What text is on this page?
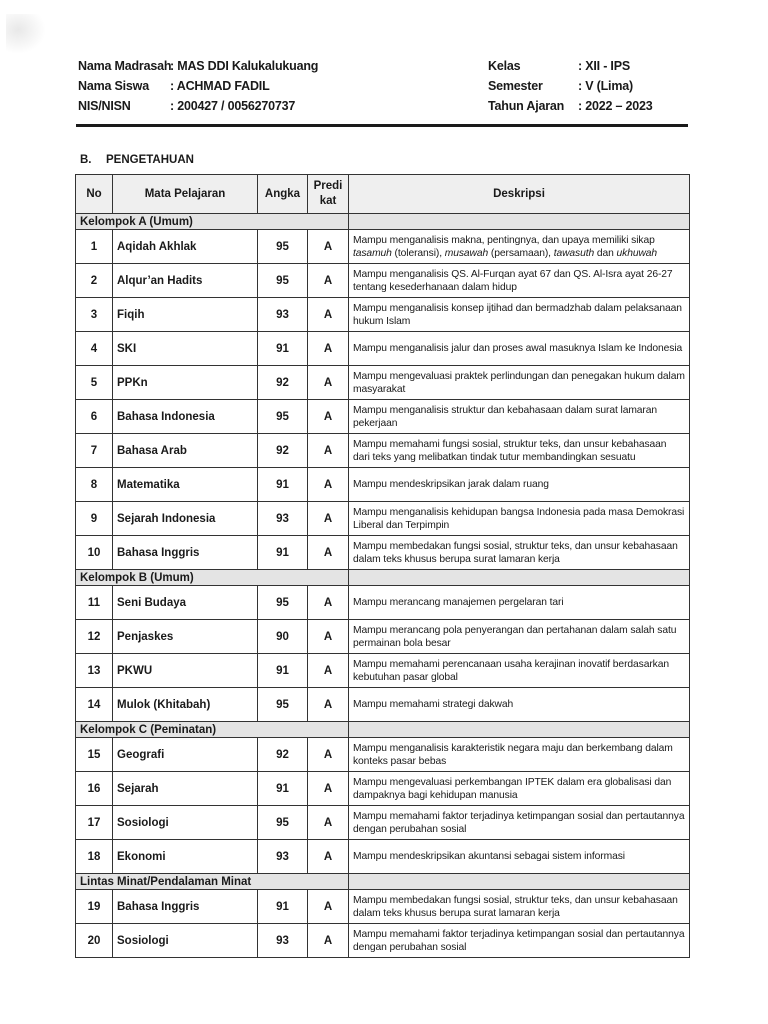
Nama Madrasah
: MAS DDI Kalukalukuang
Nama Siswa	: ACHMAD FADIL
NIS/NISN	: 200427 / 0056270737
Kelas	: XII - IPS
Semester	: V (Lima)
Tahun Ajaran	: 2022 – 2023
B. PENGETAHUAN
No	Mata Pelajaran	Angka	Predi
kat	Deskripsi
Kelompok A (Umum)				
1	Aqidah Akhlak	95	A	Mampu menganalisis makna, pentingnya, dan upaya memiliki sikap tasamuh (toleransi), musawah (persamaan), tawasuth dan ukhuwah
2	Alqur’an Hadits	95	A	Mampu menganalisis QS. Al-Furqan ayat 67 dan QS. Al-Isra ayat 26-27 tentang kesederhanaan dalam hidup
3	Fiqih	93	A	Mampu menganalisis konsep ijtihad dan bermadzhab dalam pelaksanaan hukum Islam
4	SKI	91	A	Mampu menganalisis jalur dan proses awal masuknya Islam ke Indonesia
5	PPKn	92	A	Mampu mengevaluasi praktek perlindungan dan penegakan hukum dalam masyarakat
6	Bahasa Indonesia	95	A	Mampu menganalisis struktur dan kebahasaan dalam surat lamaran pekerjaan
7	Bahasa Arab	92	A	Mampu memahami fungsi sosial, struktur teks, dan unsur kebahasaan dari teks yang melibatkan tindak tutur membandingkan sesuatu
8	Matematika	91	A	Mampu mendeskripsikan jarak dalam ruang
9	Sejarah Indonesia	93	A	Mampu menganalisis kehidupan bangsa Indonesia pada masa Demokrasi Liberal dan Terpimpin
10	Bahasa Inggris	91	A	Mampu membedakan fungsi sosial, struktur teks, dan unsur kebahasaan dalam teks khusus berupa surat lamaran kerja
Kelompok B (Umum)				
11	Seni Budaya	95	A	Mampu merancang manajemen pergelaran tari
12	Penjaskes	90	A	Mampu merancang pola penyerangan dan pertahanan dalam salah satu permainan bola besar
13	PKWU	91	A	Mampu memahami perencanaan usaha kerajinan inovatif berdasarkan kebutuhan pasar global
14	Mulok (Khitabah)	95	A	Mampu memahami strategi dakwah
Kelompok C (Peminatan)				
15	Geografi	92	A	Mampu menganalisis karakteristik negara maju dan berkembang dalam konteks pasar bebas
16	Sejarah	91	A	Mampu mengevaluasi perkembangan IPTEK dalam era globalisasi dan dampaknya bagi kehidupan manusia
17	Sosiologi	95	A	Mampu memahami faktor terjadinya ketimpangan sosial dan pertautannya dengan perubahan sosial
18	Ekonomi	93	A	Mampu mendeskripsikan akuntansi sebagai sistem informasi
Lintas Minat/Pendalaman Minat				
19	Bahasa Inggris	91	A	Mampu membedakan fungsi sosial, struktur teks, dan unsur kebahasaan dalam teks khusus berupa surat lamaran kerja
20	Sosiologi	93	A	Mampu memahami faktor terjadinya ketimpangan sosial dan pertautannya dengan perubahan sosial
